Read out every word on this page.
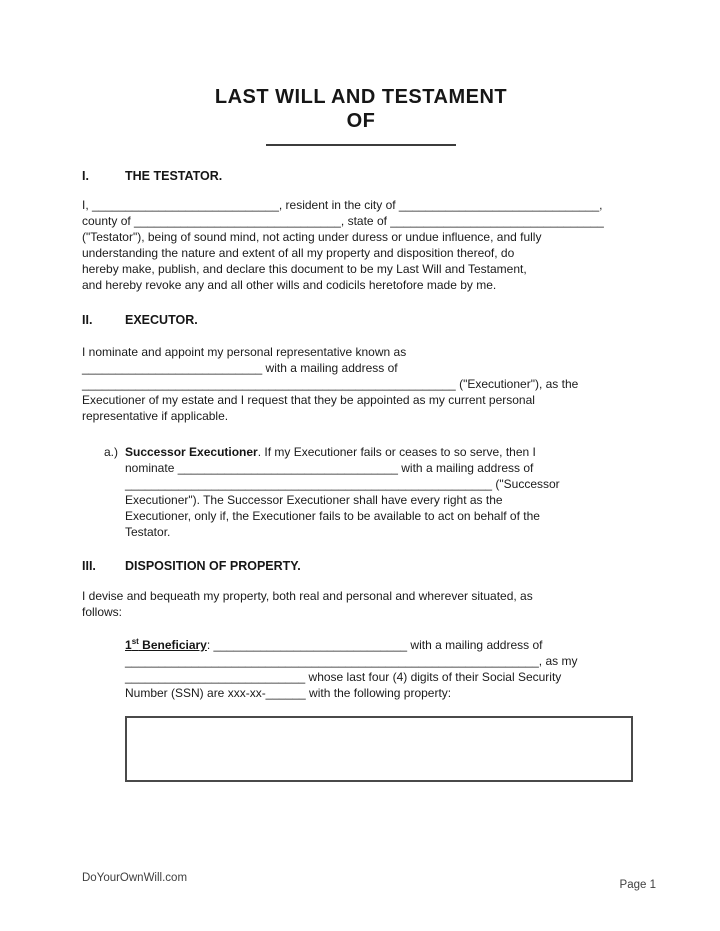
LAST WILL AND TESTAMENT
OF
I.	THE TESTATOR.
I, ____________________________, resident in the city of ______________________________,
county of _______________________________, state of ________________________________
("Testator"), being of sound mind, not acting under duress or undue influence, and fully
understanding the nature and extent of all my property and disposition thereof, do
hereby make, publish, and declare this document to be my Last Will and Testament,
and hereby revoke any and all other wills and codicils heretofore made by me.
II.	EXECUTOR.
I nominate and appoint my personal representative known as
___________________________ with a mailing address of
________________________________________________________ ("Executioner"), as the
Executioner of my estate and I request that they be appointed as my current personal
representative if applicable.
a.) Successor Executioner. If my Executioner fails or ceases to so serve, then I
nominate _________________________________ with a mailing address of
_______________________________________________________ ("Successor
Executioner"). The Successor Executioner shall have every right as the
Executioner, only if, the Executioner fails to be available to act on behalf of the
Testator.
III.	DISPOSITION OF PROPERTY.
I devise and bequeath my property, both real and personal and wherever situated, as
follows:
1st Beneficiary: _____________________________ with a mailing address of
______________________________________________________________, as my
___________________________ whose last four (4) digits of their Social Security
Number (SSN) are xxx-xx-______ with the following property:
DoYourOwnWill.com
Page 1
